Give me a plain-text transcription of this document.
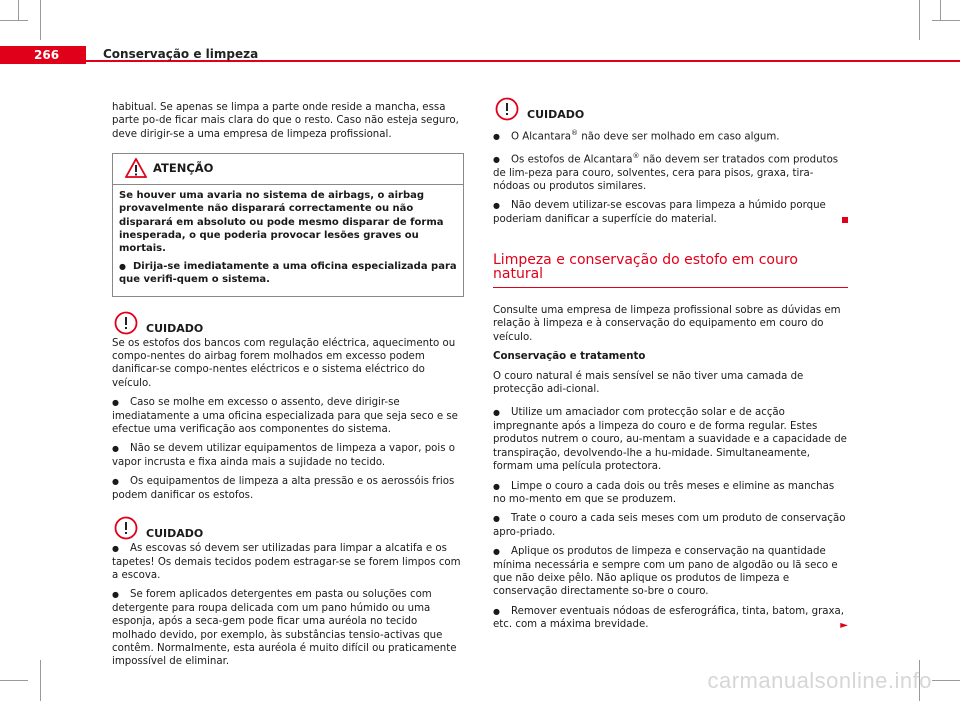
266	Conservação e limpeza

habitual. Se apenas se limpa a parte onde reside a mancha, essa parte po-de ficar mais clara do que o resto. Caso não esteja seguro, deve dirigir-se a uma empresa de limpeza profissional.

ATENÇÃO

Se houver uma avaria no sistema de airbags, o airbag provavelmente não disparará correctamente ou não disparará em absoluto ou pode mesmo disparar de forma inesperada, o que poderia provocar lesões graves ou mortais.

● Dirija-se imediatamente a uma oficina especializada para que verifi-quem o sistema.

CUIDADO

Se os estofos dos bancos com regulação eléctrica, aquecimento ou compo-nentes do airbag forem molhados em excesso podem danificar-se compo-nentes eléctricos e o sistema eléctrico do veículo.

● Caso se molhe em excesso o assento, deve dirigir-se imediatamente a uma oficina especializada para que seja seco e se efectue uma verificação aos componentes do sistema.
● Não se devem utilizar equipamentos de limpeza a vapor, pois o vapor incrusta e fixa ainda mais a sujidade no tecido.
● Os equipamentos de limpeza a alta pressão e os aerossóis frios podem danificar os estofos.
CUIDADO
● As escovas só devem ser utilizadas para limpar a alcatifa e os tapetes! Os demais tecidos podem estragar-se se forem limpos com a escova.
● Se forem aplicados detergentes em pasta ou soluções com detergente para roupa delicada com um pano húmido ou uma esponja, após a seca-gem pode ficar uma auréola no tecido molhado devido, por exemplo, às substâncias tensio-activas que contêm. Normalmente, esta auréola é muito difícil ou praticamente impossível de eliminar.
CUIDADO
● O Alcantara® não deve ser molhado em caso algum.
● Os estofos de Alcantara® não devem ser tratados com produtos de lim-peza para couro, solventes, cera para pisos, graxa, tira-nódoas ou produtos similares.
● Não devem utilizar-se escovas para limpeza a húmido porque poderiam danificar a superfície do material.
Limpeza e conservação do estofo em couro natural

Consulte uma empresa de limpeza profissional sobre as dúvidas em relação à limpeza e à conservação do equipamento em couro do veículo.

Conservação e tratamento

O couro natural é mais sensível se não tiver uma camada de protecção adi-cional.

● Utilize um amaciador com protecção solar e de acção impregnante após a limpeza do couro e de forma regular. Estes produtos nutrem o couro, au-mentam a suavidade e a capacidade de transpiração, devolvendo-lhe a hu-midade. Simultaneamente, formam uma película protectora.
● Limpe o couro a cada dois ou três meses e elimine as manchas no mo-mento em que se produzem.
● Trate o couro a cada seis meses com um produto de conservação apro-priado.
● Aplique os produtos de limpeza e conservação na quantidade mínima necessária e sempre com um pano de algodão ou lã seco e que não deixe pêlo. Não aplique os produtos de limpeza e conservação directamente so-bre o couro.
● Remover eventuais nódoas de esferográfica, tinta, batom, graxa, etc. com a máxima brevidade.	►
carmanualsonline.info
